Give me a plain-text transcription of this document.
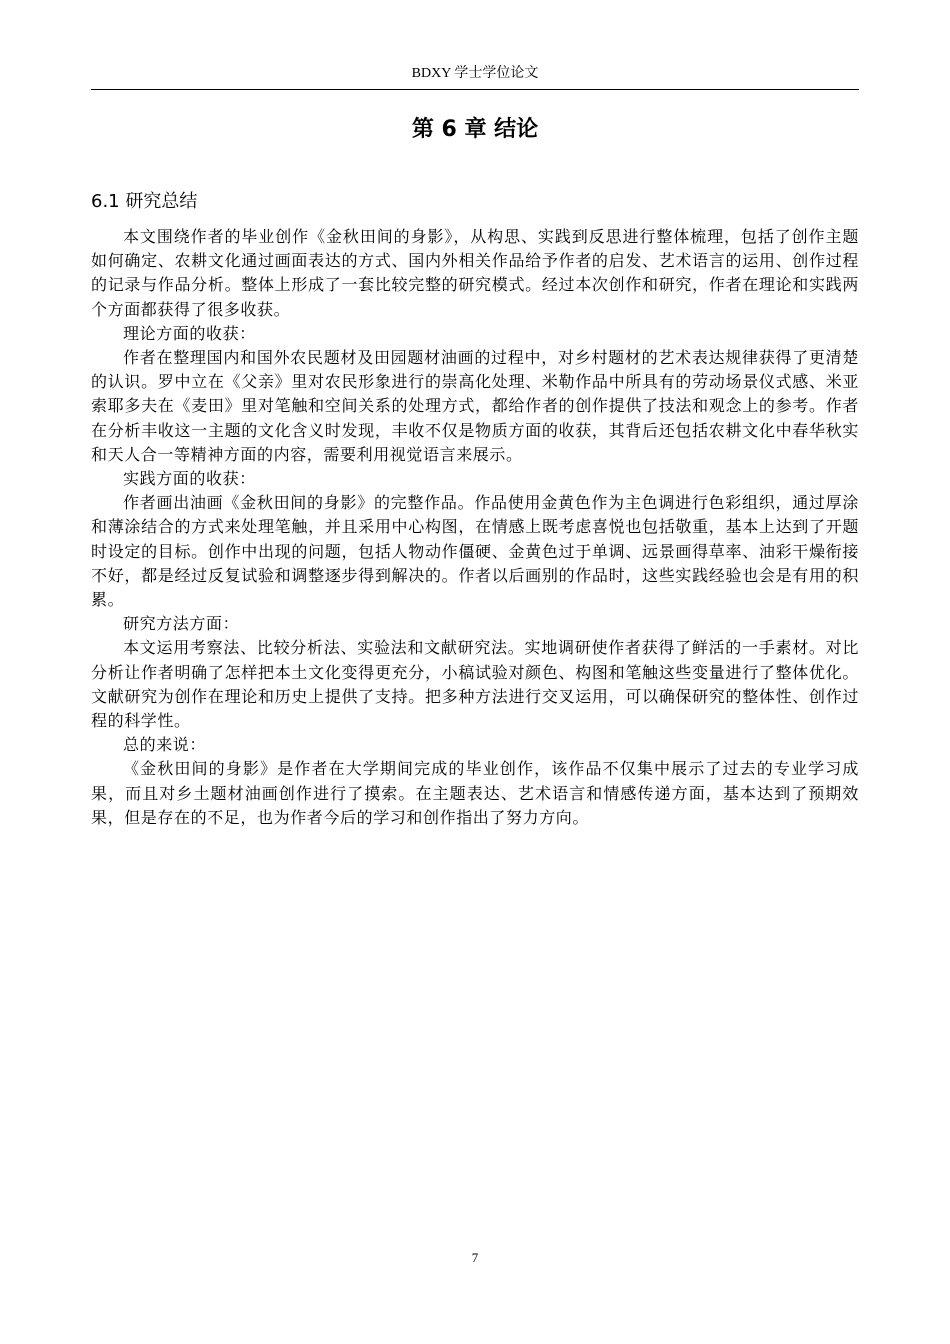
BDXY 学士学位论文
第 6 章 结论
6.1 研究总结

本文围绕作者的毕业创作《金秋田间的身影》，从构思、实践到反思进行整体梳理，包括了创作主题如何确定、农耕文化通过画面表达的方式、国内外相关作品给予作者的启发、艺术语言的运用、创作过程的记录与作品分析。整体上形成了一套比较完整的研究模式。经过本次创作和研究，作者在理论和实践两个方面都获得了很多收获。

理论方面的收获：

作者在整理国内和国外农民题材及田园题材油画的过程中，对乡村题材的艺术表达规律获得了更清楚的认识。罗中立在《父亲》里对农民形象进行的崇高化处理、米勒作品中所具有的劳动场景仪式感、米亚索耶多夫在《麦田》里对笔触和空间关系的处理方式，都给作者的创作提供了技法和观念上的参考。作者在分析丰收这一主题的文化含义时发现，丰收不仅是物质方面的收获，其背后还包括农耕文化中春华秋实和天人合一等精神方面的内容，需要利用视觉语言来展示。

实践方面的收获：

作者画出油画《金秋田间的身影》的完整作品。作品使用金黄色作为主色调进行色彩组织，通过厚涂和薄涂结合的方式来处理笔触，并且采用中心构图，在情感上既考虑喜悦也包括敬重，基本上达到了开题时设定的目标。创作中出现的问题，包括人物动作僵硬、金黄色过于单调、远景画得草率、油彩干燥衔接不好，都是经过反复试验和调整逐步得到解决的。作者以后画别的作品时，这些实践经验也会是有用的积累。

研究方法方面：

本文运用考察法、比较分析法、实验法和文献研究法。实地调研使作者获得了鲜活的一手素材。对比分析让作者明确了怎样把本土文化变得更充分，小稿试验对颜色、构图和笔触这些变量进行了整体优化。文献研究为创作在理论和历史上提供了支持。把多种方法进行交叉运用，可以确保研究的整体性、创作过程的科学性。

总的来说：

《金秋田间的身影》是作者在大学期间完成的毕业创作，该作品不仅集中展示了过去的专业学习成果，而且对乡土题材油画创作进行了摸索。在主题表达、艺术语言和情感传递方面，基本达到了预期效果，但是存在的不足，也为作者今后的学习和创作指出了努力方向。

7
